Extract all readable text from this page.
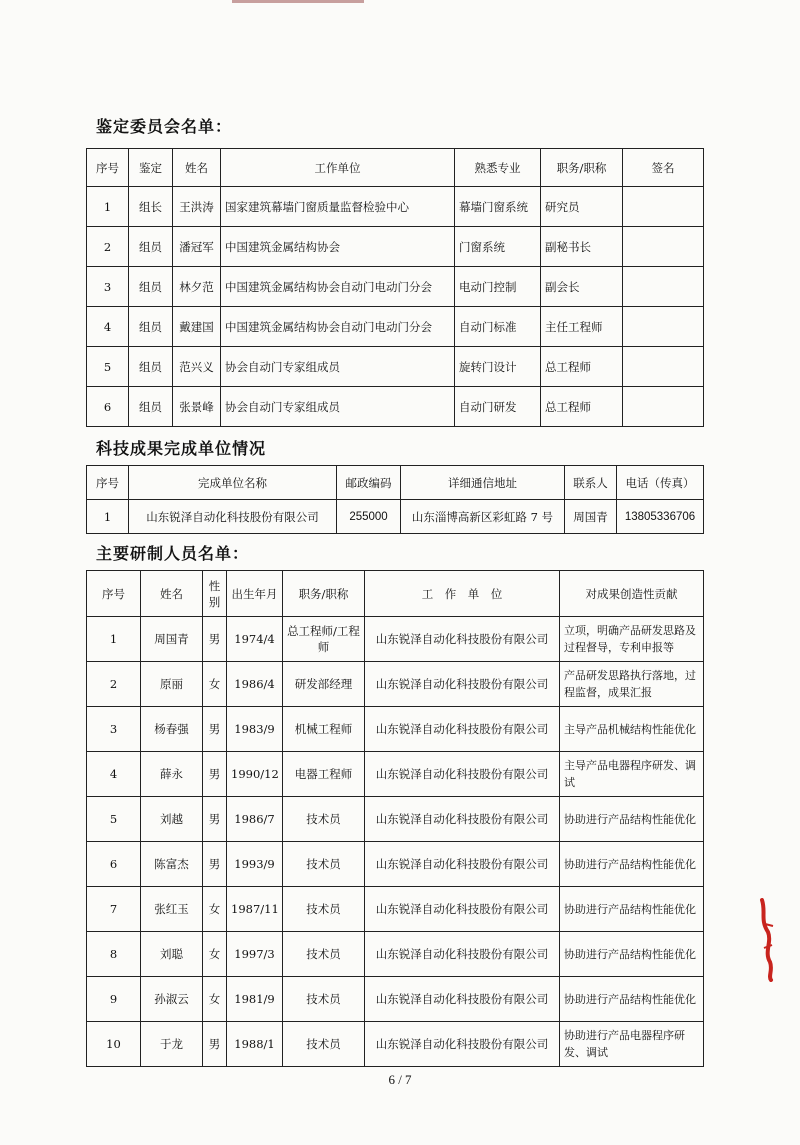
鉴定委员会名单：
序号	鉴定	姓名	工作单位	熟悉专业	职务/职称	签名
1	组长	王洪涛	国家建筑幕墙门窗质量监督检验中心	幕墙门窗系统	研究员	
2	组员	潘冠军	中国建筑金属结构协会	门窗系统	副秘书长	
3	组员	林夕范	中国建筑金属结构协会自动门电动门分会	电动门控制	副会长	
4	组员	戴建国	中国建筑金属结构协会自动门电动门分会	自动门标准	主任工程师	
5	组员	范兴义	协会自动门专家组成员	旋转门设计	总工程师	
6	组员	张景峰	协会自动门专家组成员	自动门研发	总工程师	
科技成果完成单位情况
序号	完成单位名称	邮政编码	详细通信地址	联系人	电话（传真）
1	山东锐泽自动化科技股份有限公司	255000	山东淄博高新区彩虹路 7 号	周国青	13805336706
主要研制人员名单：
序号	姓名	性别	出生年月	职务/职称	工　作　单　位	对成果创造性贡献
1	周国青	男	1974/4	总工程师/工程师	山东锐泽自动化科技股份有限公司	立项，明确产品研发思路及过程督导，专利申报等
2	原丽	女	1986/4	研发部经理	山东锐泽自动化科技股份有限公司	产品研发思路执行落地，过程监督，成果汇报
3	杨春强	男	1983/9	机械工程师	山东锐泽自动化科技股份有限公司	主导产品机械结构性能优化
4	薛永	男	1990/12	电器工程师	山东锐泽自动化科技股份有限公司	主导产品电器程序研发、调试
5	刘越	男	1986/7	技术员	山东锐泽自动化科技股份有限公司	协助进行产品结构性能优化
6	陈富杰	男	1993/9	技术员	山东锐泽自动化科技股份有限公司	协助进行产品结构性能优化
7	张红玉	女	1987/11	技术员	山东锐泽自动化科技股份有限公司	协助进行产品结构性能优化
8	刘聪	女	1997/3	技术员	山东锐泽自动化科技股份有限公司	协助进行产品结构性能优化
9	孙淑云	女	1981/9	技术员	山东锐泽自动化科技股份有限公司	协助进行产品结构性能优化
10	于龙	男	1988/1	技术员	山东锐泽自动化科技股份有限公司	协助进行产品电器程序研发、调试
6 / 7
